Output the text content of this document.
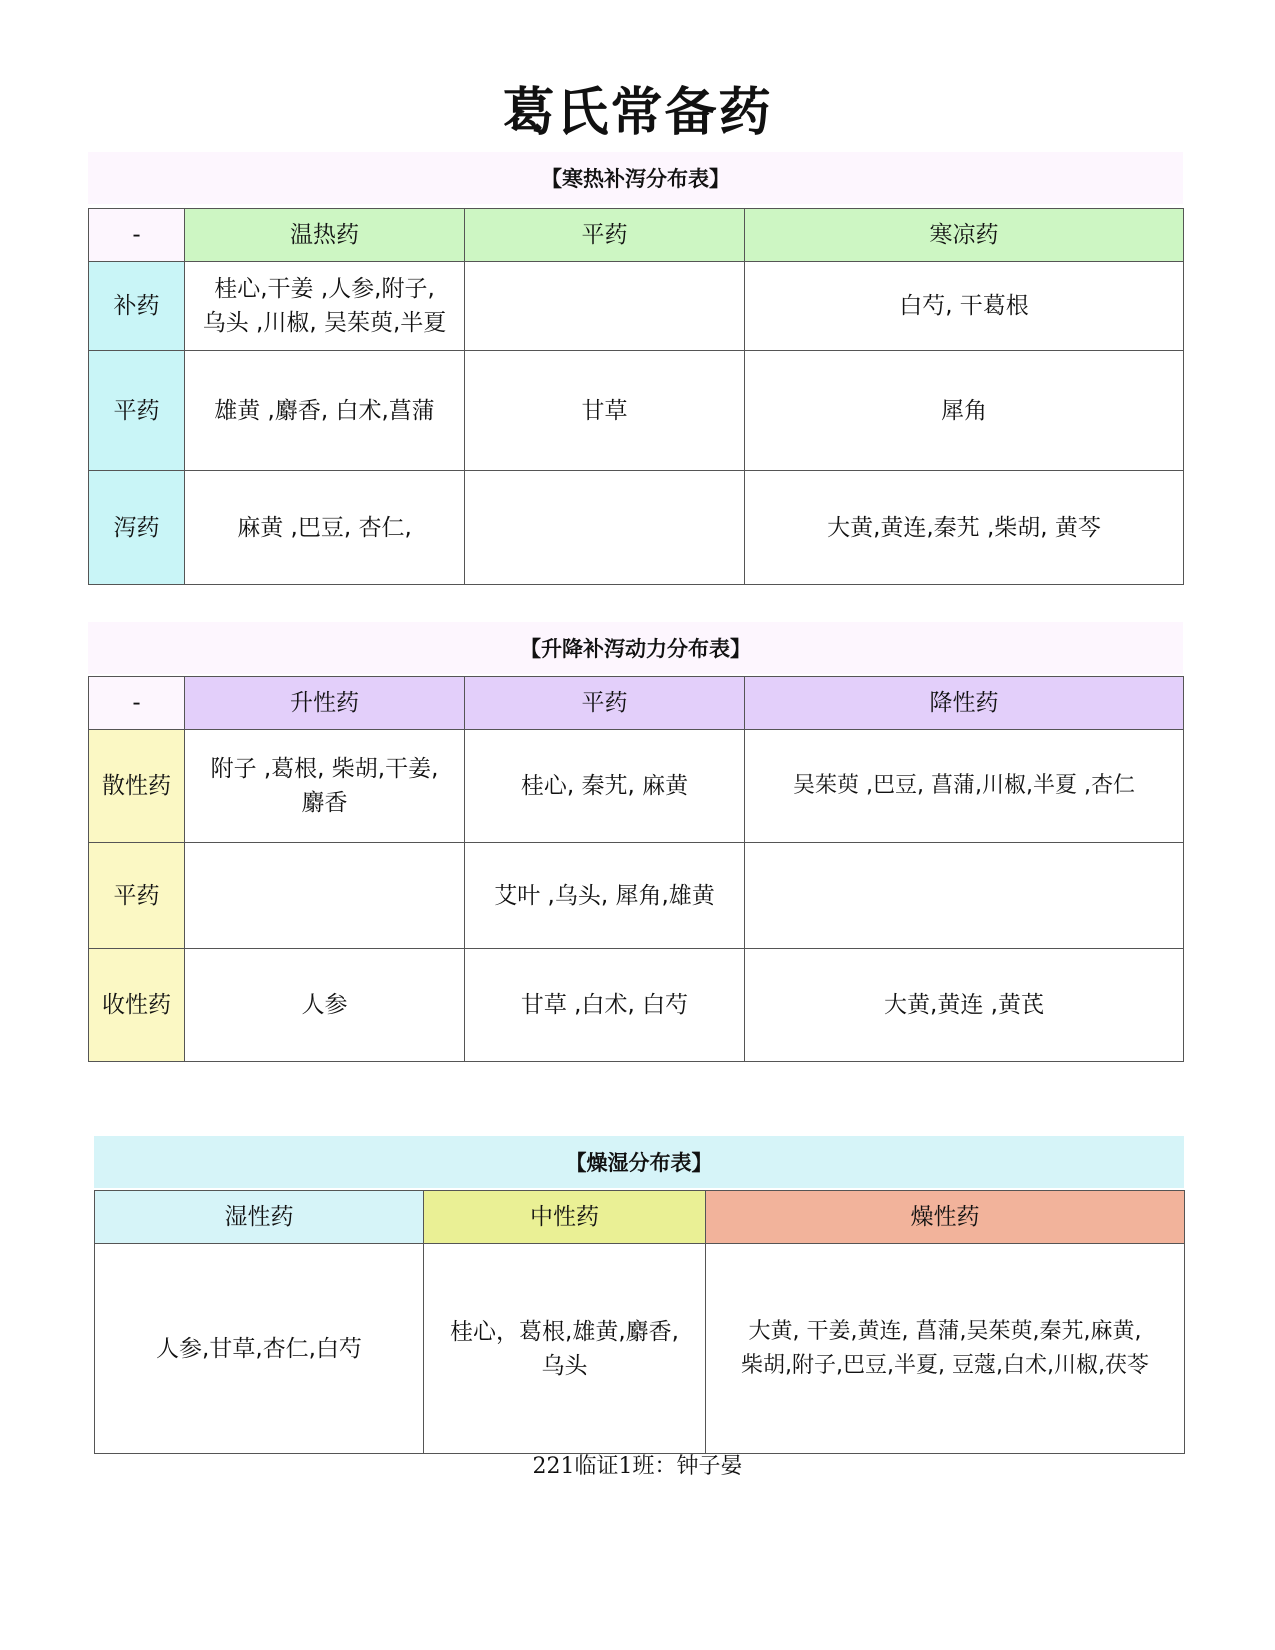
葛氏常备药
【寒热补泻分布表】
-	温热药	平药	寒凉药
补药	桂心,干姜 ,人参,附子,
乌头 ,川椒, 吴茱萸,半夏		白芍, 干葛根
平药	雄黄 ,麝香, 白术,菖蒲	甘草	犀角
泻药	麻黄 ,巴豆, 杏仁,		大黄,黄连,秦艽 ,柴胡, 黄芩
【升降补泻动力分布表】
-	升性药	平药	降性药
散性药	附子 ,葛根, 柴胡,干姜,
麝香	桂心, 秦艽, 麻黄	吴茱萸 ,巴豆, 菖蒲,川椒,半夏 ,杏仁
平药		艾叶 ,乌头, 犀角,雄黄	
收性药	人参	甘草 ,白术, 白芍	大黄,黄连 ,黄芪
【燥湿分布表】
湿性药	中性药	燥性药
人参,甘草,杏仁,白芍	桂心，葛根,雄黄,麝香,
乌头	大黄, 干姜,黄连, 菖蒲,吴茱萸,秦艽,麻黄,
柴胡,附子,巴豆,半夏, 豆蔻,白术,川椒,茯苓
221临证1班：钟子晏
